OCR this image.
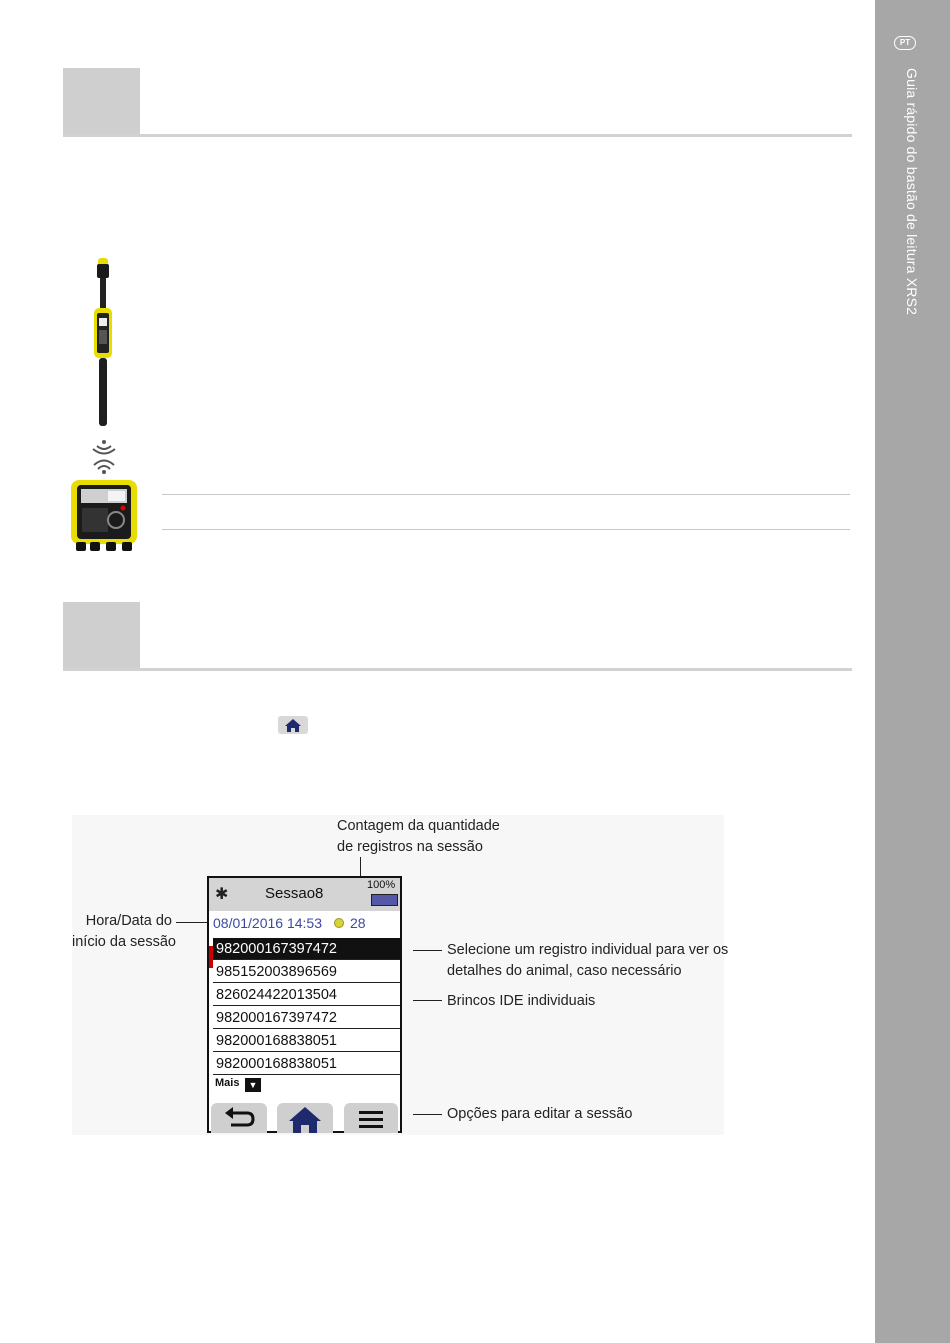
PT
Guia rápido do bastão de leitura XRS2
Contagem da quantidade
de registros na sessão
Hora/Data do
início da sessão	Selecione um registro individual para ver os
detalhes do animal, caso necessário
Brincos IDE individuais
Opções para editar a sessão
✱ Sessao8	100%
08/01/2016 14:53 28
982000167397472
985152003896569
826024422013504
982000167397472
982000168838051
982000168838051
Mais	▼
